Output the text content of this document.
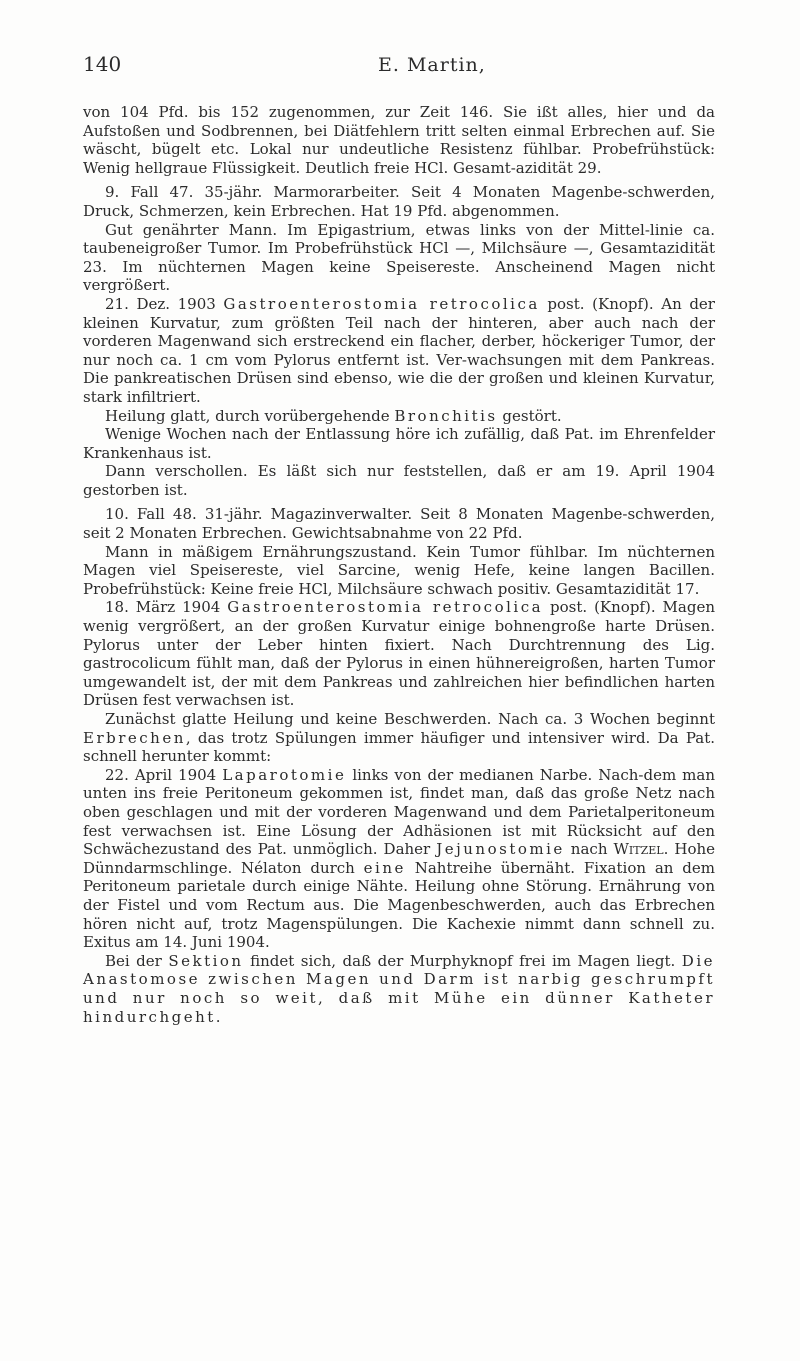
140	E. Martin,

von 104 Pfd. bis 152 zugenommen, zur Zeit 146. Sie ißt alles, hier und da Aufstoßen und Sodbrennen, bei Diätfehlern tritt selten einmal Erbrechen auf. Sie wäscht, bügelt etc. Lokal nur undeutliche Resistenz fühlbar. Probefrühstück: Wenig hellgraue Flüssigkeit. Deutlich freie HCl. Gesamt-azidität 29.

9. Fall 47. 35-jähr. Marmorarbeiter. Seit 4 Monaten Magenbe-schwerden, Druck, Schmerzen, kein Erbrechen. Hat 19 Pfd. abgenommen.

Gut genährter Mann. Im Epigastrium, etwas links von der Mittel-linie ca. taubeneigroßer Tumor. Im Probefrühstück HCl —, Milchsäure —, Gesamtazidität 23. Im nüchternen Magen keine Speisereste. Anscheinend Magen nicht vergrößert.

21. Dez. 1903 Gastroenterostomia retrocolica post. (Knopf). An der kleinen Kurvatur, zum größten Teil nach der hinteren, aber auch nach der vorderen Magenwand sich erstreckend ein flacher, derber, höckeriger Tumor, der nur noch ca. 1 cm vom Pylorus entfernt ist. Ver-wachsungen mit dem Pankreas. Die pankreatischen Drüsen sind ebenso, wie die der großen und kleinen Kurvatur, stark infiltriert.

Heilung glatt, durch vorübergehende Bronchitis gestört.

Wenige Wochen nach der Entlassung höre ich zufällig, daß Pat. im Ehrenfelder Krankenhaus ist.

Dann verschollen. Es läßt sich nur feststellen, daß er am 19. April 1904 gestorben ist.

10. Fall 48. 31-jähr. Magazinverwalter. Seit 8 Monaten Magenbe-schwerden, seit 2 Monaten Erbrechen. Gewichtsabnahme von 22 Pfd.

Mann in mäßigem Ernährungszustand. Kein Tumor fühlbar. Im nüchternen Magen viel Speisereste, viel Sarcine, wenig Hefe, keine langen Bacillen. Probefrühstück: Keine freie HCl, Milchsäure schwach positiv. Gesamtazidität 17.

18. März 1904 Gastroenterostomia retrocolica post. (Knopf). Magen wenig vergrößert, an der großen Kurvatur einige bohnengroße harte Drüsen. Pylorus unter der Leber hinten fixiert. Nach Durchtrennung des Lig. gastrocolicum fühlt man, daß der Pylorus in einen hühnereigroßen, harten Tumor umgewandelt ist, der mit dem Pankreas und zahlreichen hier befindlichen harten Drüsen fest verwachsen ist.

Zunächst glatte Heilung und keine Beschwerden. Nach ca. 3 Wochen beginnt Erbrechen, das trotz Spülungen immer häufiger und intensiver wird. Da Pat. schnell herunter kommt:

22. April 1904 Laparotomie links von der medianen Narbe. Nach-dem man unten ins freie Peritoneum gekommen ist, findet man, daß das große Netz nach oben geschlagen und mit der vorderen Magenwand und dem Parietalperitoneum fest verwachsen ist. Eine Lösung der Adhäsionen ist mit Rücksicht auf den Schwächezustand des Pat. unmöglich. Daher Jejunostomie nach Witzel. Hohe Dünndarmschlinge. Nélaton durch eine Nahtreihe übernäht. Fixation an dem Peritoneum parietale durch einige Nähte. Heilung ohne Störung. Ernährung von der Fistel und vom Rectum aus. Die Magenbeschwerden, auch das Erbrechen hören nicht auf, trotz Magenspülungen. Die Kachexie nimmt dann schnell zu. Exitus am 14. Juni 1904.

Bei der Sektion findet sich, daß der Murphyknopf frei im Magen liegt. Die Anastomose zwischen Magen und Darm ist narbig geschrumpft und nur noch so weit, daß mit Mühe ein dünner Katheter hindurchgeht.
